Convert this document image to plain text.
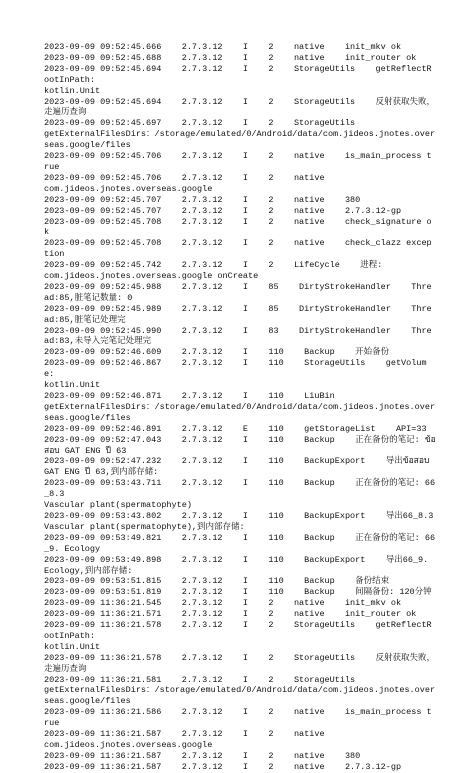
2023-09-09 09:52:45.666    2.7.3.12    I    2    native    init_mkv ok
2023-09-09 09:52:45.688    2.7.3.12    I    2    native    init_router ok
2023-09-09 09:52:45.694    2.7.3.12    I    2    StorageUtils    getReflectRootInPath:
kotlin.Unit
2023-09-09 09:52:45.694    2.7.3.12    I    2    StorageUtils    反射获取失败，走遍历查询
2023-09-09 09:52:45.697    2.7.3.12    I    2    StorageUtils
getExternalFilesDirs：/storage/emulated/0/Android/data/com.jideos.jnotes.overseas.google/files
2023-09-09 09:52:45.706    2.7.3.12    I    2    native    is_main_process true
2023-09-09 09:52:45.706    2.7.3.12    I    2    native
com.jideos.jnotes.overseas.google
2023-09-09 09:52:45.707    2.7.3.12    I    2    native    380
2023-09-09 09:52:45.707    2.7.3.12    I    2    native    2.7.3.12-gp
2023-09-09 09:52:45.708    2.7.3.12    I    2    native    check_signature ok
2023-09-09 09:52:45.708    2.7.3.12    I    2    native    check_clazz exception
2023-09-09 09:52:45.742    2.7.3.12    I    2    LifeCycle    进程:
com.jideos.jnotes.overseas.google onCreate
2023-09-09 09:52:45.988    2.7.3.12    I    85    DirtyStrokeHandler    Thread:85,脏笔记数量: 0
2023-09-09 09:52:45.989    2.7.3.12    I    85    DirtyStrokeHandler    Thread:85,脏笔记处理完
2023-09-09 09:52:45.990    2.7.3.12    I    83    DirtyStrokeHandler    Thread:83,未导入完笔记处理完
2023-09-09 09:52:46.609    2.7.3.12    I    110    Backup    开始备份
2023-09-09 09:52:46.867    2.7.3.12    I    110    StorageUtils    getVolume:
kotlin.Unit
2023-09-09 09:52:46.871    2.7.3.12    I    110    LiuBin
getExternalFilesDirs：/storage/emulated/0/Android/data/com.jideos.jnotes.overseas.google/files
2023-09-09 09:52:46.891    2.7.3.12    E    110    getStorageList    API=33
2023-09-09 09:52:47.043    2.7.3.12    I    110    Backup    正在备份的笔记: ข้อสอบ GAT ENG ปี 63
2023-09-09 09:52:47.232    2.7.3.12    I    110    BackupExport    导出ข้อสอบ GAT ENG ปี 63,到内部存储:
2023-09-09 09:53:43.711    2.7.3.12    I    110    Backup    正在备份的笔记: 66_8.3
Vascular plant(spermatophyte)
2023-09-09 09:53:43.802    2.7.3.12    I    110    BackupExport    导出66_8.3 Vascular plant(spermatophyte),到内部存储:
2023-09-09 09:53:49.821    2.7.3.12    I    110    Backup    正在备份的笔记: 66_9. Ecology
2023-09-09 09:53:49.898    2.7.3.12    I    110    BackupExport    导出66_9. Ecology,到内部存储:
2023-09-09 09:53:51.815    2.7.3.12    I    110    Backup    备份结束
2023-09-09 09:53:51.819    2.7.3.12    I    110    Backup    间隔备份: 120分钟
2023-09-09 11:36:21.545    2.7.3.12    I    2    native    init_mkv ok
2023-09-09 11:36:21.571    2.7.3.12    I    2    native    init_router ok
2023-09-09 11:36:21.578    2.7.3.12    I    2    StorageUtils    getReflectRootInPath:
kotlin.Unit
2023-09-09 11:36:21.578    2.7.3.12    I    2    StorageUtils    反射获取失败，走遍历查询
2023-09-09 11:36:21.581    2.7.3.12    I    2    StorageUtils
getExternalFilesDirs：/storage/emulated/0/Android/data/com.jideos.jnotes.overseas.google/files
2023-09-09 11:36:21.586    2.7.3.12    I    2    native    is_main_process true
2023-09-09 11:36:21.587    2.7.3.12    I    2    native
com.jideos.jnotes.overseas.google
2023-09-09 11:36:21.587    2.7.3.12    I    2    native    380
2023-09-09 11:36:21.587    2.7.3.12    I    2    native    2.7.3.12-gp
